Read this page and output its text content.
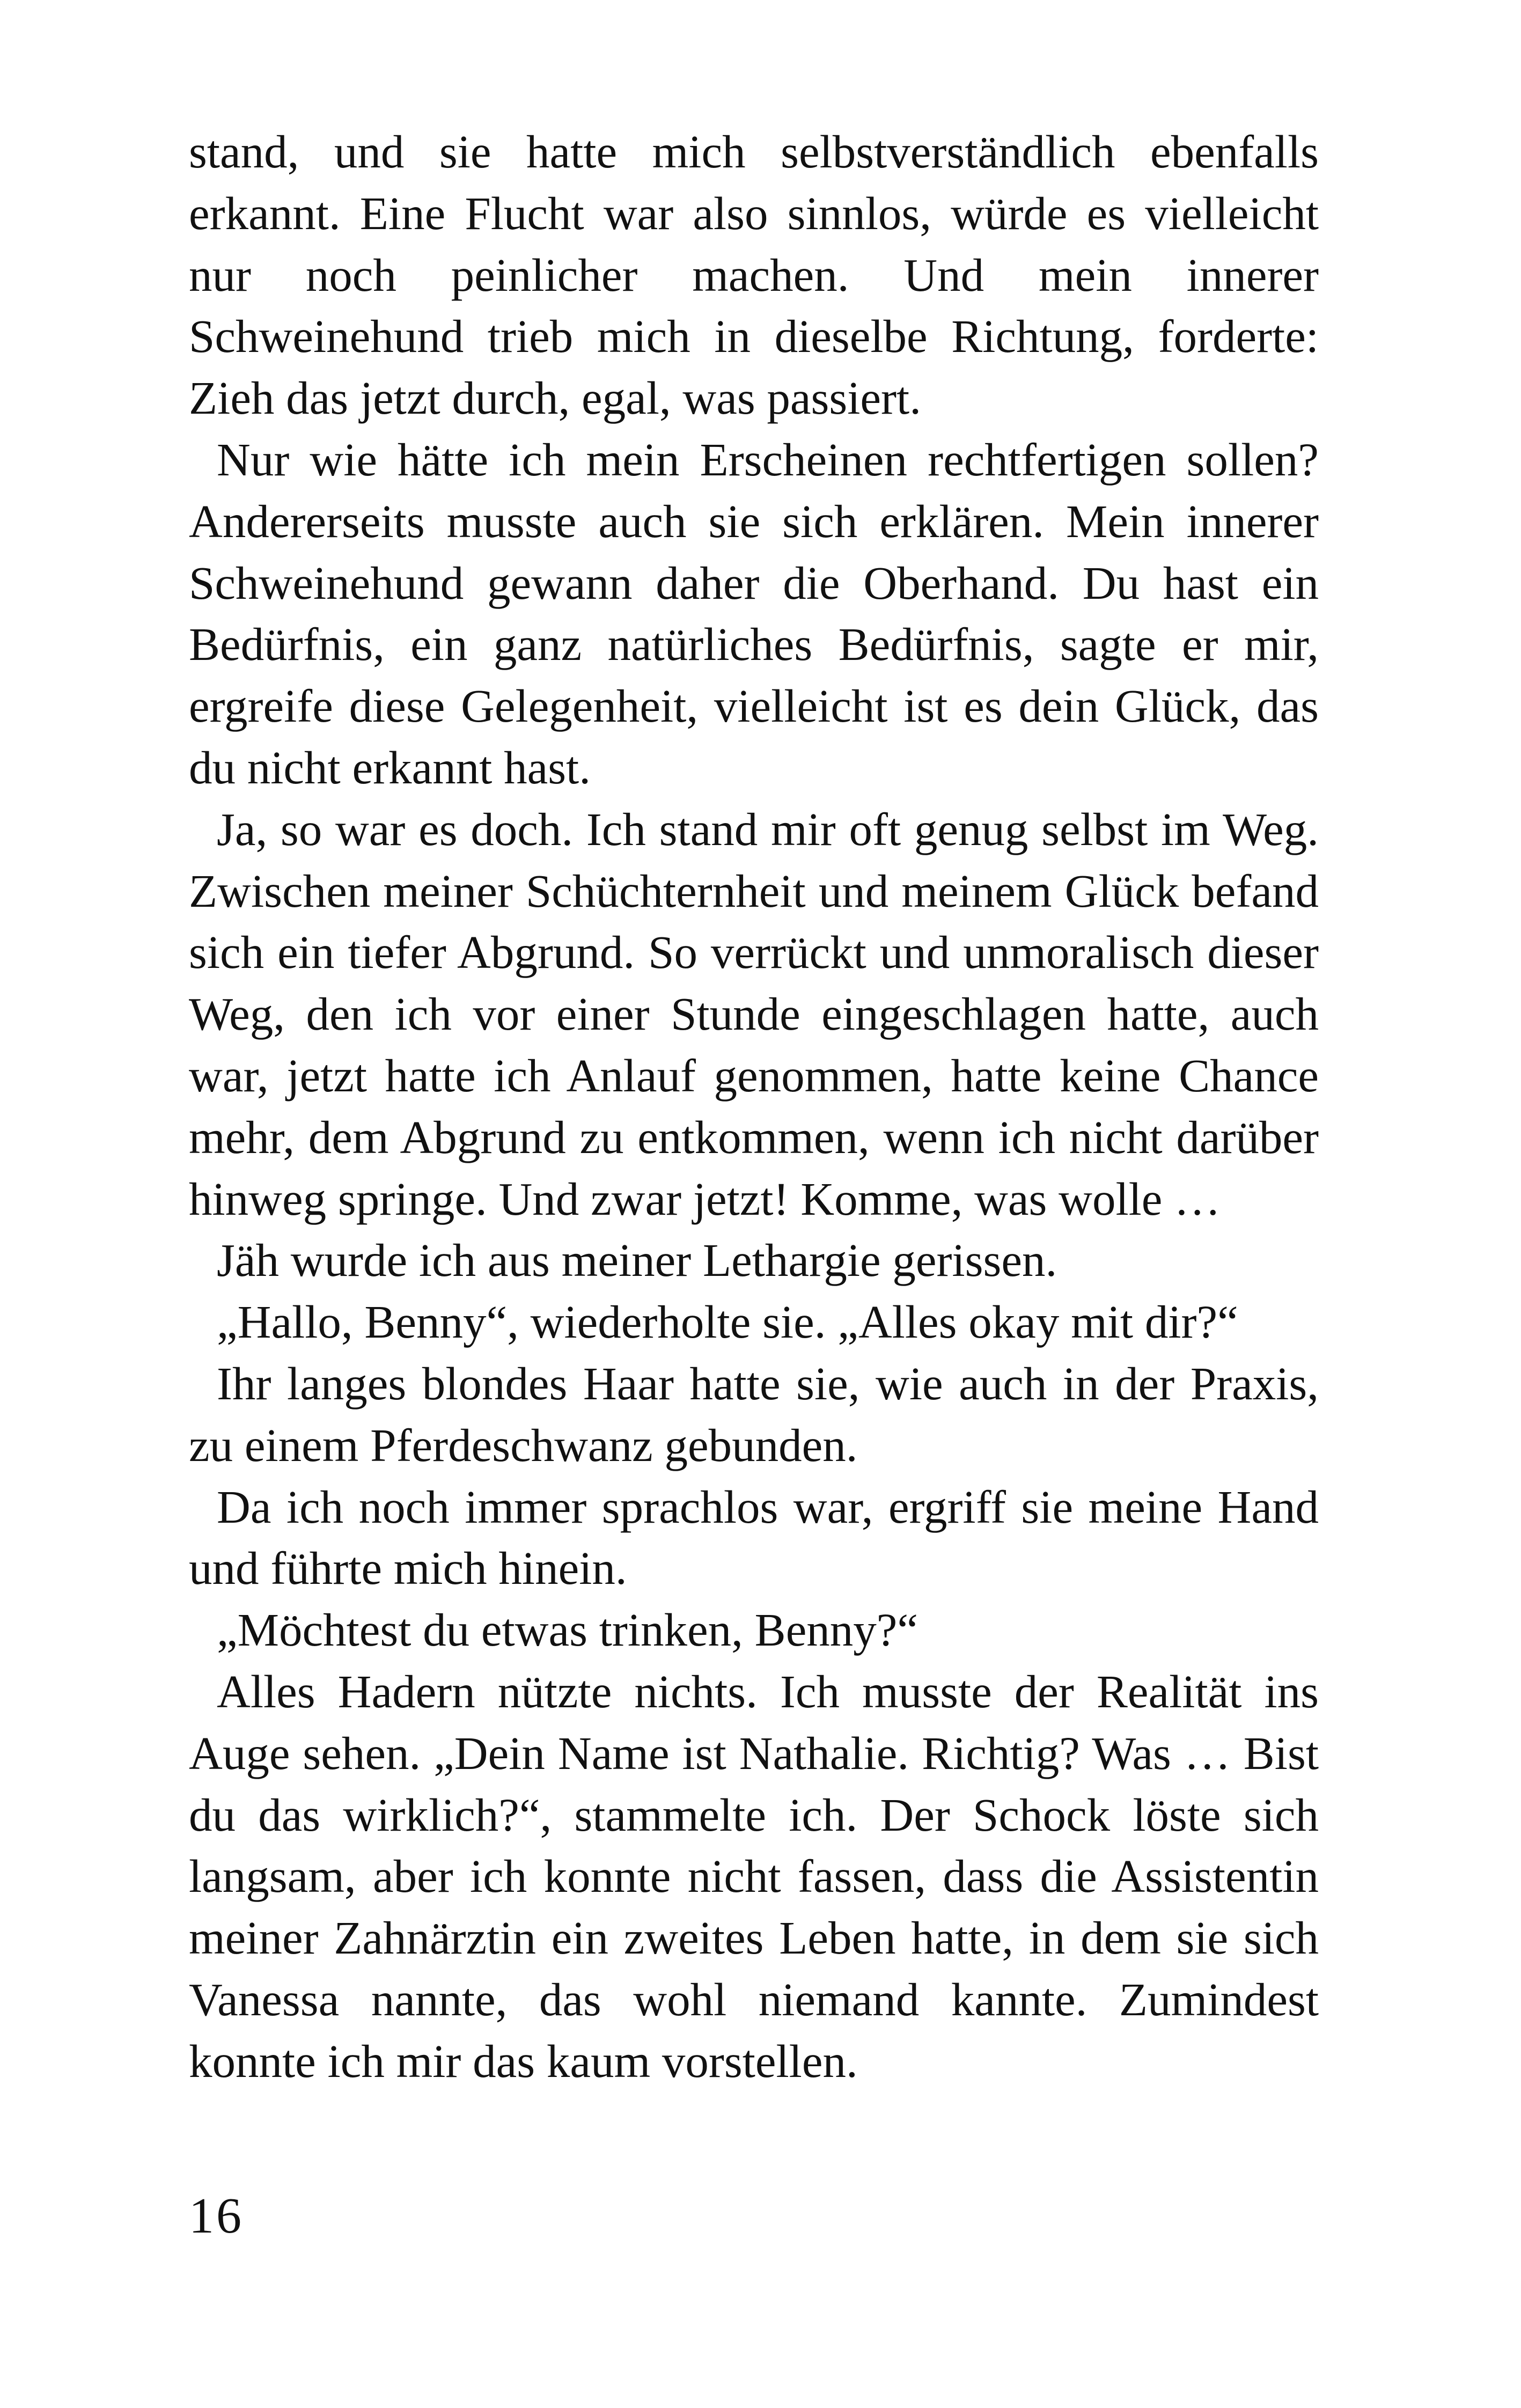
stand, und sie hatte mich selbstverständlich ebenfalls erkannt. Eine Flucht war also sinnlos, würde es vielleicht nur noch peinlicher machen. Und mein innerer Schweinehund trieb mich in dieselbe Richtung, forderte: Zieh das jetzt durch, egal, was passiert.

Nur wie hätte ich mein Erscheinen rechtfertigen sollen? Andererseits musste auch sie sich erklären. Mein innerer Schweinehund gewann daher die Oberhand. Du hast ein Bedürfnis, ein ganz natürliches Bedürfnis, sagte er mir, ergreife diese Gelegenheit, vielleicht ist es dein Glück, das du nicht erkannt hast.

Ja, so war es doch. Ich stand mir oft genug selbst im Weg. Zwischen meiner Schüchternheit und meinem Glück befand sich ein tiefer Abgrund. So verrückt und unmoralisch dieser Weg, den ich vor einer Stunde eingeschlagen hatte, auch war, jetzt hatte ich Anlauf genommen, hatte keine Chance mehr, dem Abgrund zu entkommen, wenn ich nicht darüber hinweg springe. Und zwar jetzt! Komme, was wolle …

Jäh wurde ich aus meiner Lethargie gerissen.

„Hallo, Benny“, wiederholte sie. „Alles okay mit dir?“

Ihr langes blondes Haar hatte sie, wie auch in der Praxis, zu einem Pferdeschwanz gebunden.

Da ich noch immer sprachlos war, ergriff sie meine Hand und führte mich hinein.

„Möchtest du etwas trinken, Benny?“

Alles Hadern nützte nichts. Ich musste der Realität ins Auge sehen. „Dein Name ist Nathalie. Richtig? Was … Bist du das wirklich?“, stammelte ich. Der Schock löste sich langsam, aber ich konnte nicht fassen, dass die Assistentin meiner Zahnärztin ein zweites Leben hatte, in dem sie sich Vanessa nannte, das wohl niemand kannte. Zumindest konnte ich mir das kaum vorstellen.

16
